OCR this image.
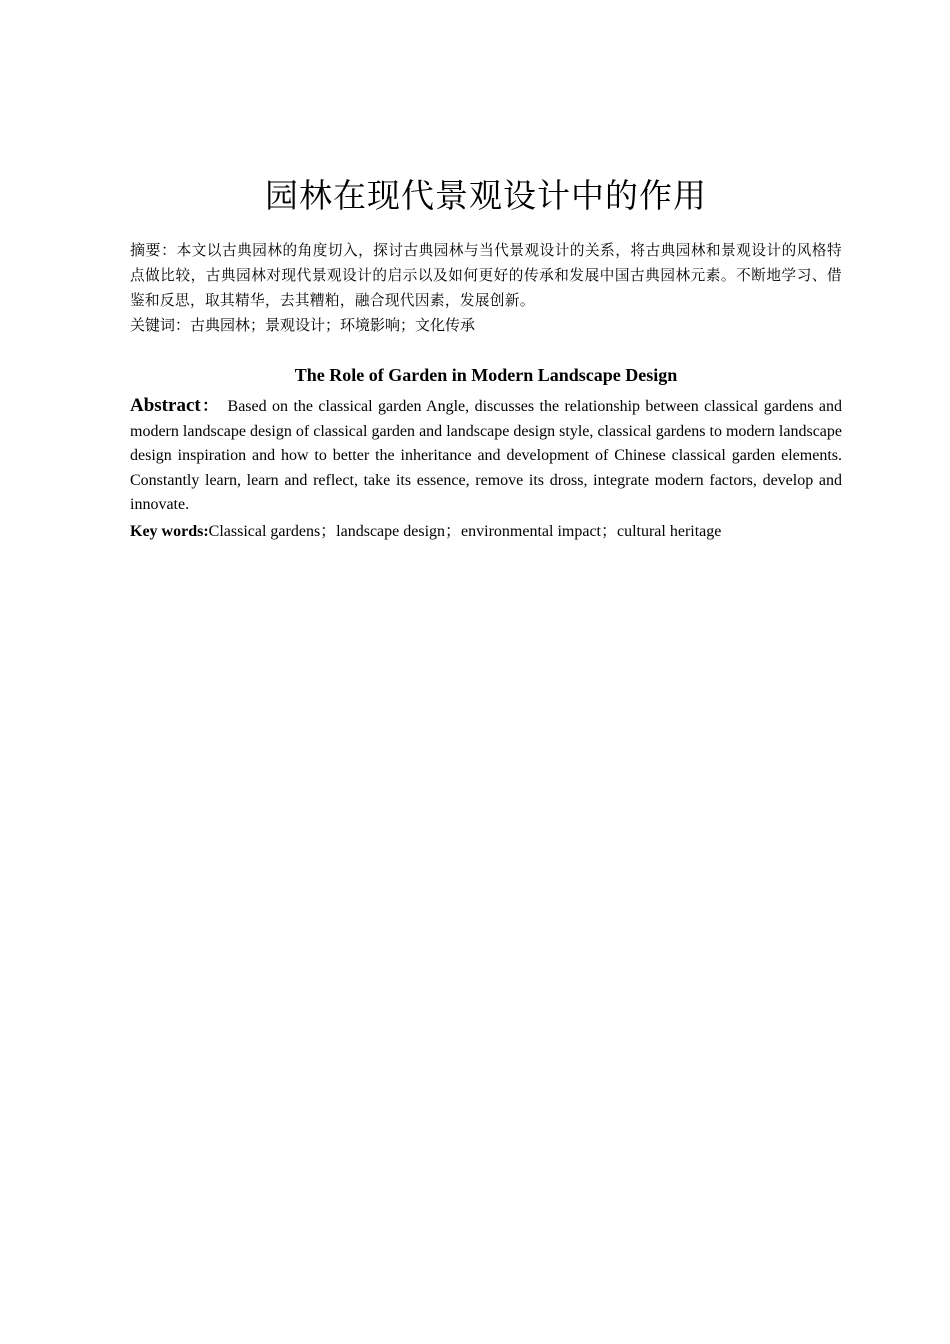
园林在现代景观设计中的作用

摘要：本文以古典园林的角度切入，探讨古典园林与当代景观设计的关系，将古典园林和景观设计的风格特点做比较，古典园林对现代景观设计的启示以及如何更好的传承和发展中国古典园林元素。不断地学习、借鉴和反思，取其精华，去其糟粕，融合现代因素，发展创新。

关键词：古典园林；景观设计；环境影响；文化传承

The Role of Garden in Modern Landscape Design

Abstract： Based on the classical garden Angle, discusses the relationship between classical gardens and modern landscape design of classical garden and landscape design style, classical gardens to modern landscape design inspiration and how to better the inheritance and development of Chinese classical garden elements. Constantly learn, learn and reflect, take its essence, remove its dross, integrate modern factors, develop and innovate.

Key words:Classical gardens；landscape design；environmental impact；cultural heritage
